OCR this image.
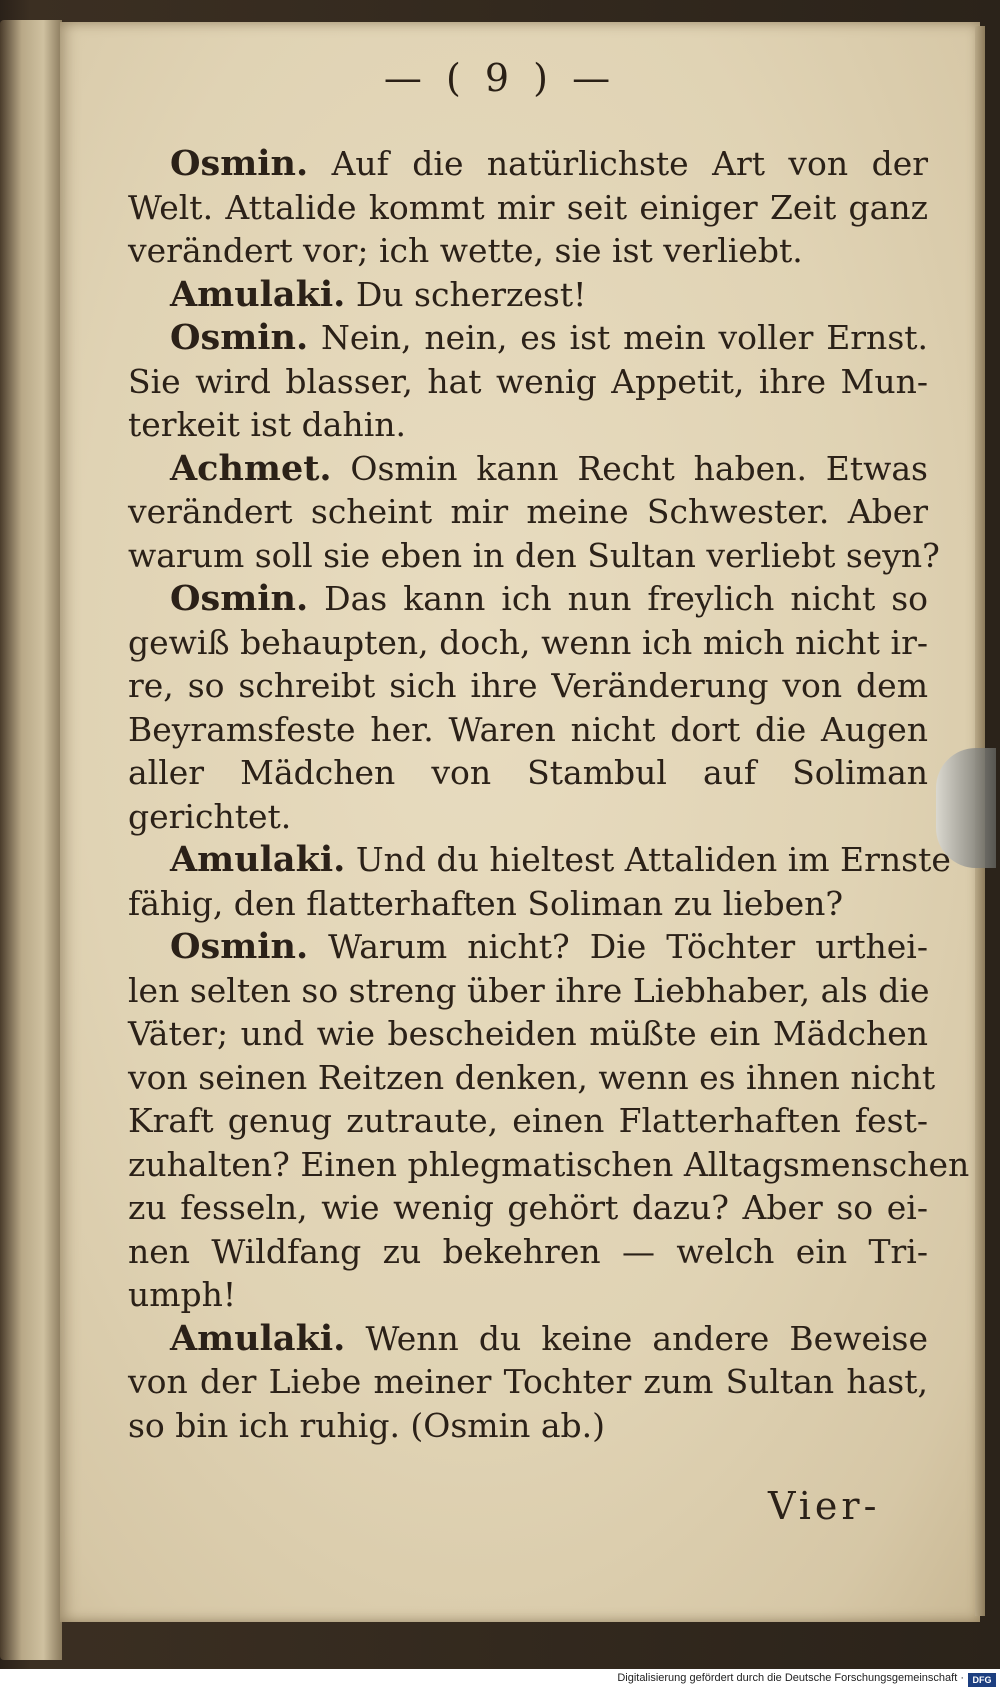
— ( 9 ) —
Osmin. Auf die natürlichste Art von der
Welt. Attalide kommt mir seit einiger Zeit ganz
verändert vor; ich wette, sie ist verliebt.
Amulaki. Du scherzest!
Osmin. Nein, nein, es ist mein voller Ernst.
Sie wird blasser, hat wenig Appetit, ihre Mun-
terkeit ist dahin.
Achmet. Osmin kann Recht haben. Etwas
verändert scheint mir meine Schwester. Aber
warum soll sie eben in den Sultan verliebt seyn?
Osmin. Das kann ich nun freylich nicht so
gewiß behaupten, doch, wenn ich mich nicht ir-
re, so schreibt sich ihre Veränderung von dem
Beyramsfeste her. Waren nicht dort die Augen
aller Mädchen von Stambul auf Soliman
gerichtet.
Amulaki. Und du hieltest Attaliden im Ernste
fähig, den flatterhaften Soliman zu lieben?
Osmin. Warum nicht? Die Töchter urthei-
len selten so streng über ihre Liebhaber, als die
Väter; und wie bescheiden müßte ein Mädchen
von seinen Reitzen denken, wenn es ihnen nicht
Kraft genug zutraute, einen Flatterhaften fest-
zuhalten? Einen phlegmatischen Alltagsmenschen
zu fesseln, wie wenig gehört dazu? Aber so ei-
nen Wildfang zu bekehren — welch ein Tri-
umph!
Amulaki. Wenn du keine andere Beweise
von der Liebe meiner Tochter zum Sultan hast,
so bin ich ruhig. (Osmin ab.)
Vier-
Digitalisierung gefördert durch die Deutsche Forschungsgemeinschaft · DFG
